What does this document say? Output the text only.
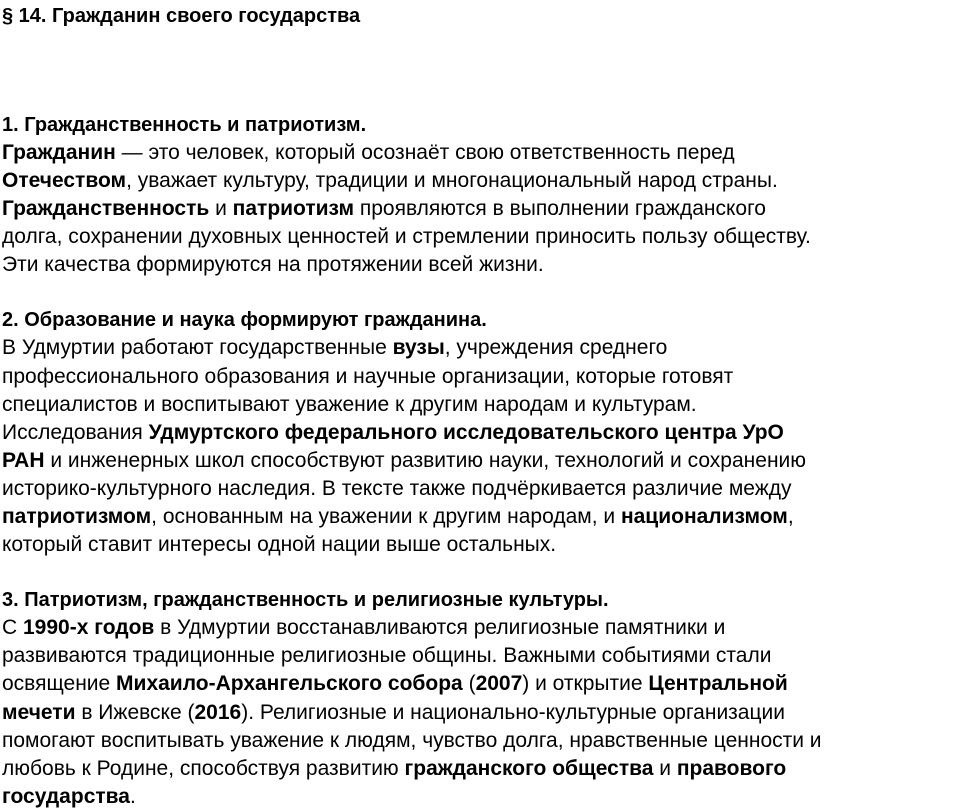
§ 14. Гражданин своего государства
1. Гражданственность и патриотизм.
Гражданин — это человек, который осознаёт свою ответственность перед
Отечеством, уважает культуру, традиции и многонациональный народ страны.
Гражданственность и патриотизм проявляются в выполнении гражданского
долга, сохранении духовных ценностей и стремлении приносить пользу обществу.
Эти качества формируются на протяжении всей жизни.
2. Образование и наука формируют гражданина.
В Удмуртии работают государственные вузы, учреждения среднего
профессионального образования и научные организации, которые готовят
специалистов и воспитывают уважение к другим народам и культурам.
Исследования Удмуртского федерального исследовательского центра УрО
РАН и инженерных школ способствуют развитию науки, технологий и сохранению
историко-культурного наследия. В тексте также подчёркивается различие между
патриотизмом, основанным на уважении к другим народам, и национализмом,
который ставит интересы одной нации выше остальных.
3. Патриотизм, гражданственность и религиозные культуры.
С 1990-х годов в Удмуртии восстанавливаются религиозные памятники и
развиваются традиционные религиозные общины. Важными событиями стали
освящение Михаило-Архангельского собора (2007) и открытие Центральной
мечети в Ижевске (2016). Религиозные и национально-культурные организации
помогают воспитывать уважение к людям, чувство долга, нравственные ценности и
любовь к Родине, способствуя развитию гражданского общества и правового
государства.
